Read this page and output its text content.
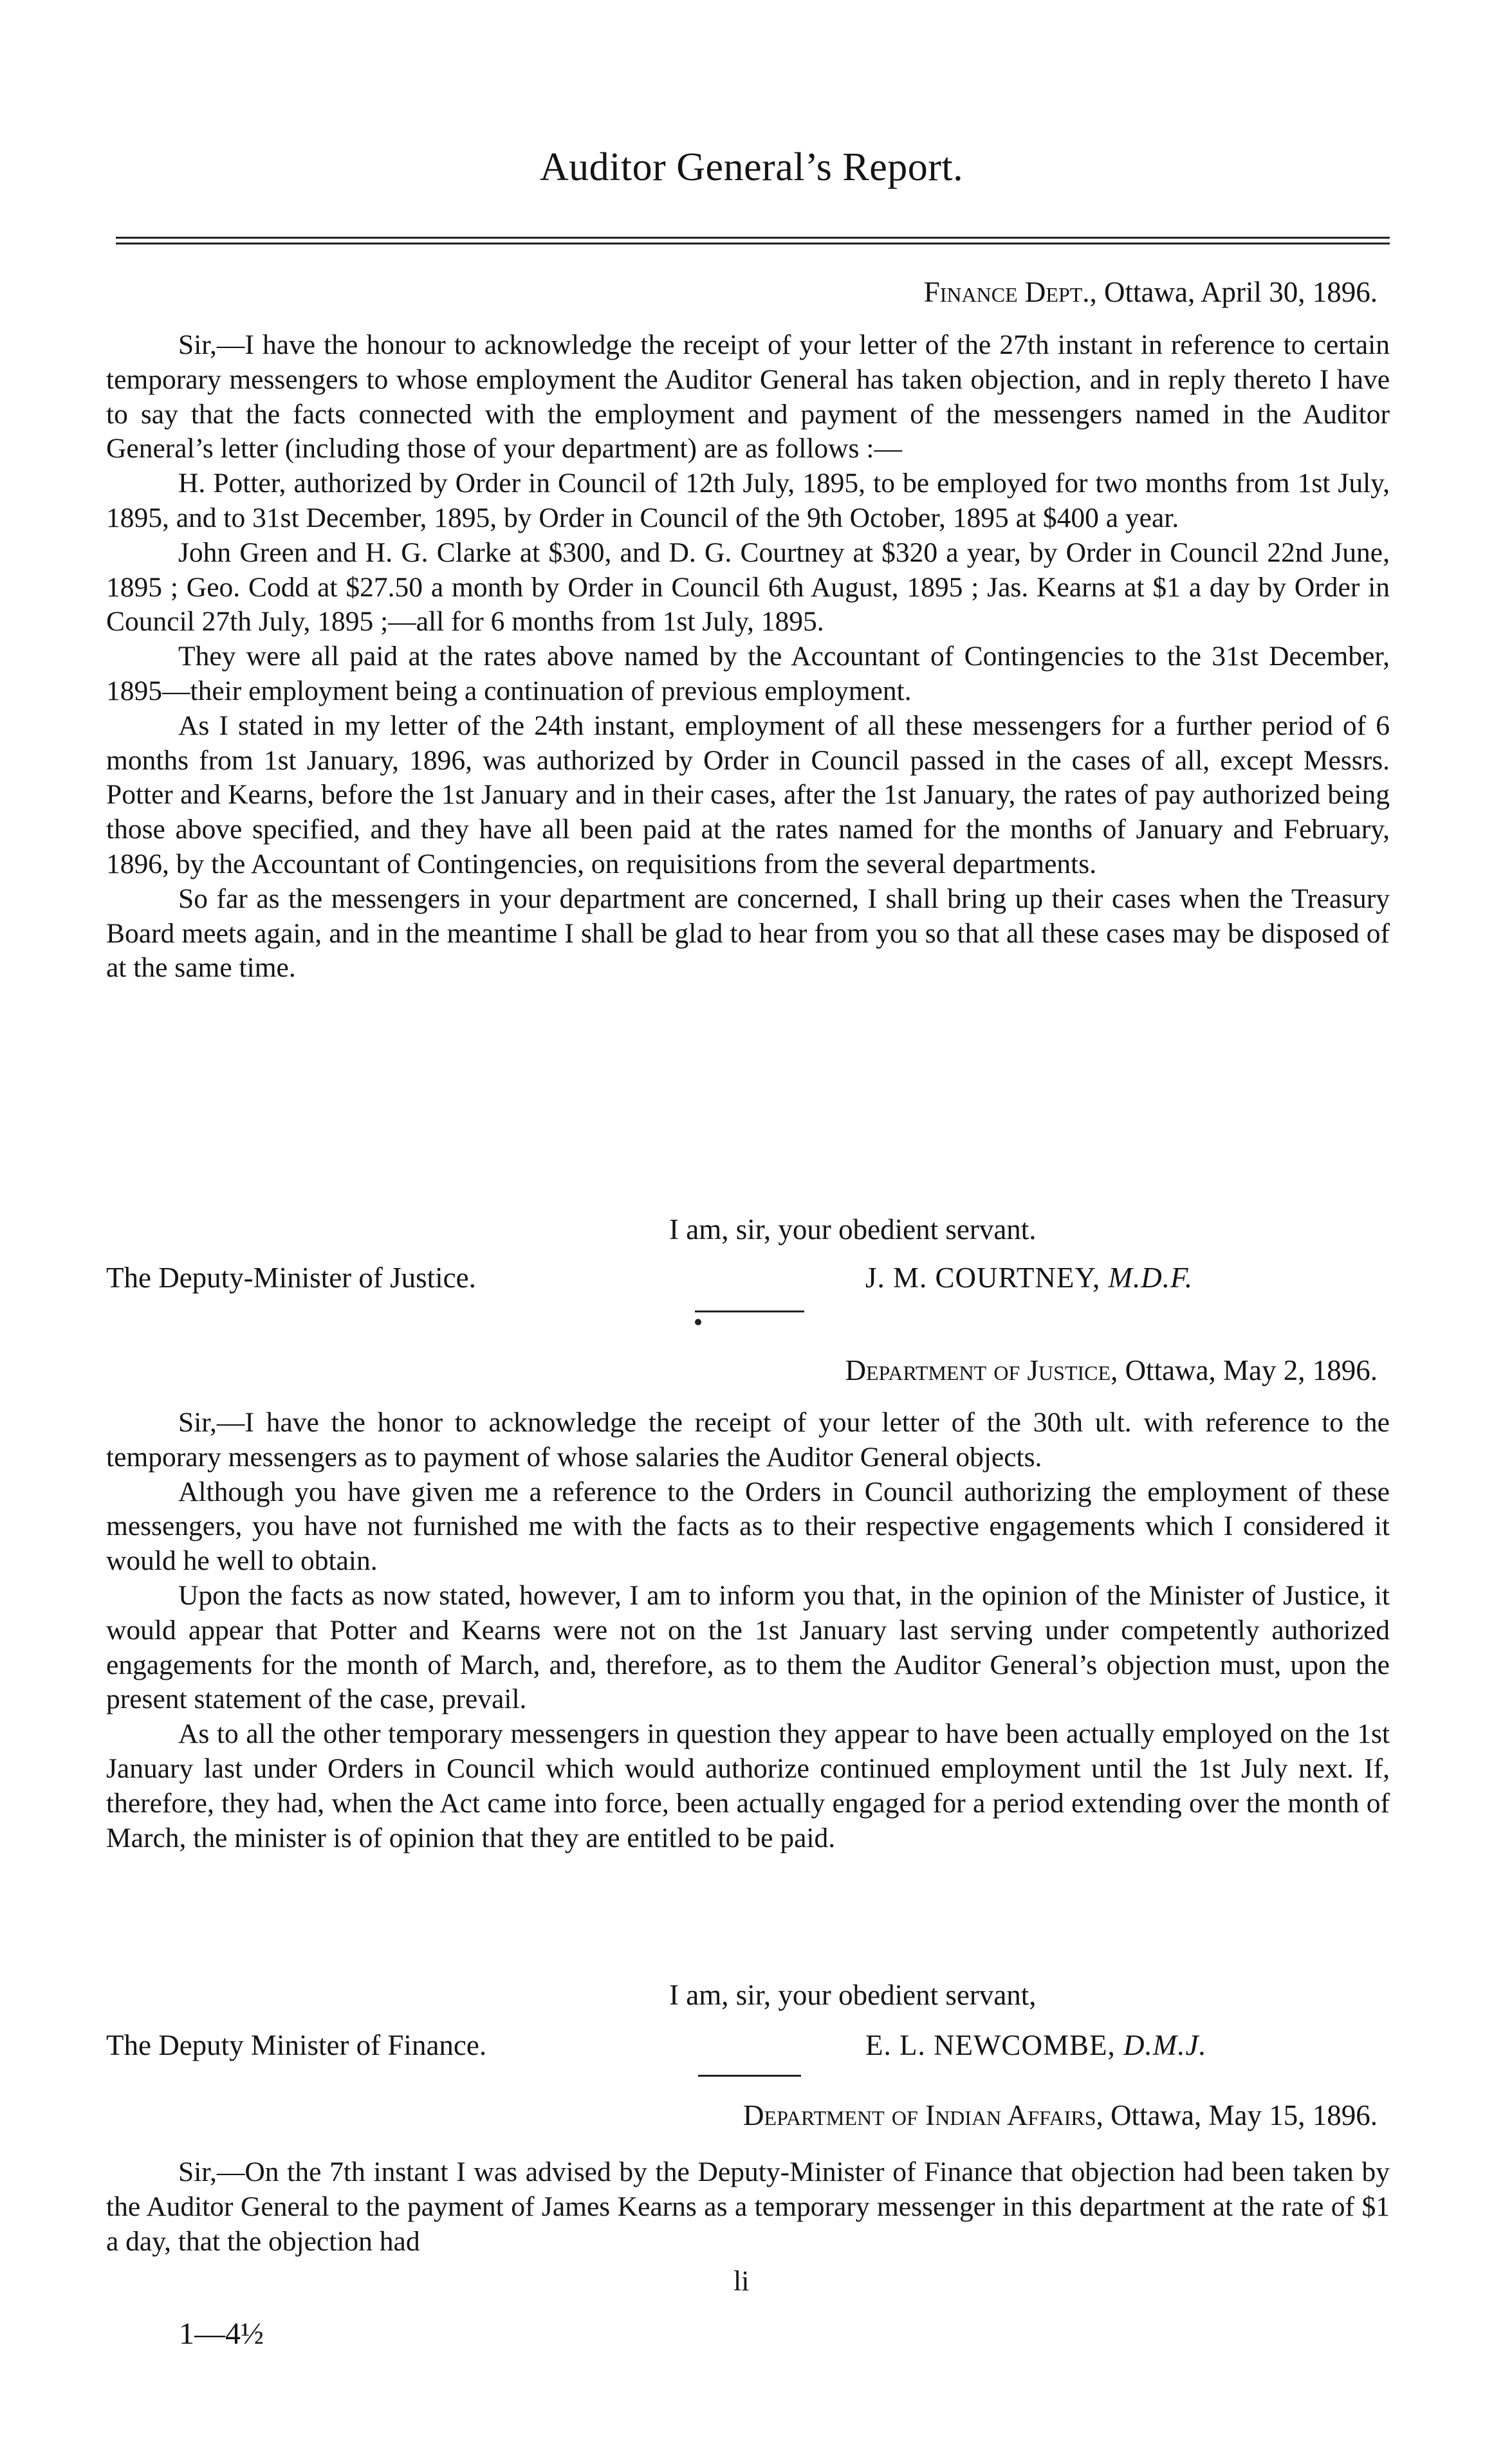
Auditor General’s Report.
Finance Dept., Ottawa, April 30, 1896.

Sir,—I have the honour to acknowledge the receipt of your letter of the 27th instant in reference to certain temporary messengers to whose employment the Auditor General has taken objection, and in reply thereto I have to say that the facts connected with the employment and payment of the messengers named in the Auditor General’s letter (including those of your department) are as follows :—

H. Potter, authorized by Order in Council of 12th July, 1895, to be employed for two months from 1st July, 1895, and to 31st December, 1895, by Order in Council of the 9th October, 1895 at $400 a year.

John Green and H. G. Clarke at $300, and D. G. Courtney at $320 a year, by Order in Council 22nd June, 1895 ; Geo. Codd at $27.50 a month by Order in Council 6th August, 1895 ; Jas. Kearns at $1 a day by Order in Council 27th July, 1895 ;—all for 6 months from 1st July, 1895.

They were all paid at the rates above named by the Accountant of Contingencies to the 31st December, 1895—their employment being a continuation of previous employment.

As I stated in my letter of the 24th instant, employment of all these messengers for a further period of 6 months from 1st January, 1896, was authorized by Order in Council passed in the cases of all, except Messrs. Potter and Kearns, before the 1st January and in their cases, after the 1st January, the rates of pay authorized being those above specified, and they have all been paid at the rates named for the months of January and February, 1896, by the Accountant of Contingencies, on requisitions from the several departments.

So far as the messengers in your department are concerned, I shall bring up their cases when the Treasury Board meets again, and in the meantime I shall be glad to hear from you so that all these cases may be disposed of at the same time.

I am, sir, your obedient servant.
The Deputy-Minister of Justice.	J. M. COURTNEY, M.D.F.
Department of Justice, Ottawa, May 2, 1896.

Sir,—I have the honor to acknowledge the receipt of your letter of the 30th ult. with reference to the temporary messengers as to payment of whose salaries the Auditor General objects.

Although you have given me a reference to the Orders in Council authorizing the employment of these messengers, you have not furnished me with the facts as to their respective engagements which I considered it would he well to obtain.

Upon the facts as now stated, however, I am to inform you that, in the opinion of the Minister of Justice, it would appear that Potter and Kearns were not on the 1st January last serving under competently authorized engagements for the month of March, and, therefore, as to them the Auditor General’s objection must, upon the present statement of the case, prevail.

As to all the other temporary messengers in question they appear to have been actually employed on the 1st January last under Orders in Council which would authorize continued employment until the 1st July next. If, therefore, they had, when the Act came into force, been actually engaged for a period extending over the month of March, the minister is of opinion that they are entitled to be paid.

I am, sir, your obedient servant,
The Deputy Minister of Finance.	E. L. NEWCOMBE, D.M.J.
Department of Indian Affairs, Ottawa, May 15, 1896.

Sir,—On the 7th instant I was advised by the Deputy-Minister of Finance that objection had been taken by the Auditor General to the payment of James Kearns as a temporary messenger in this department at the rate of $1 a day, that the objection had

li
1—4½
